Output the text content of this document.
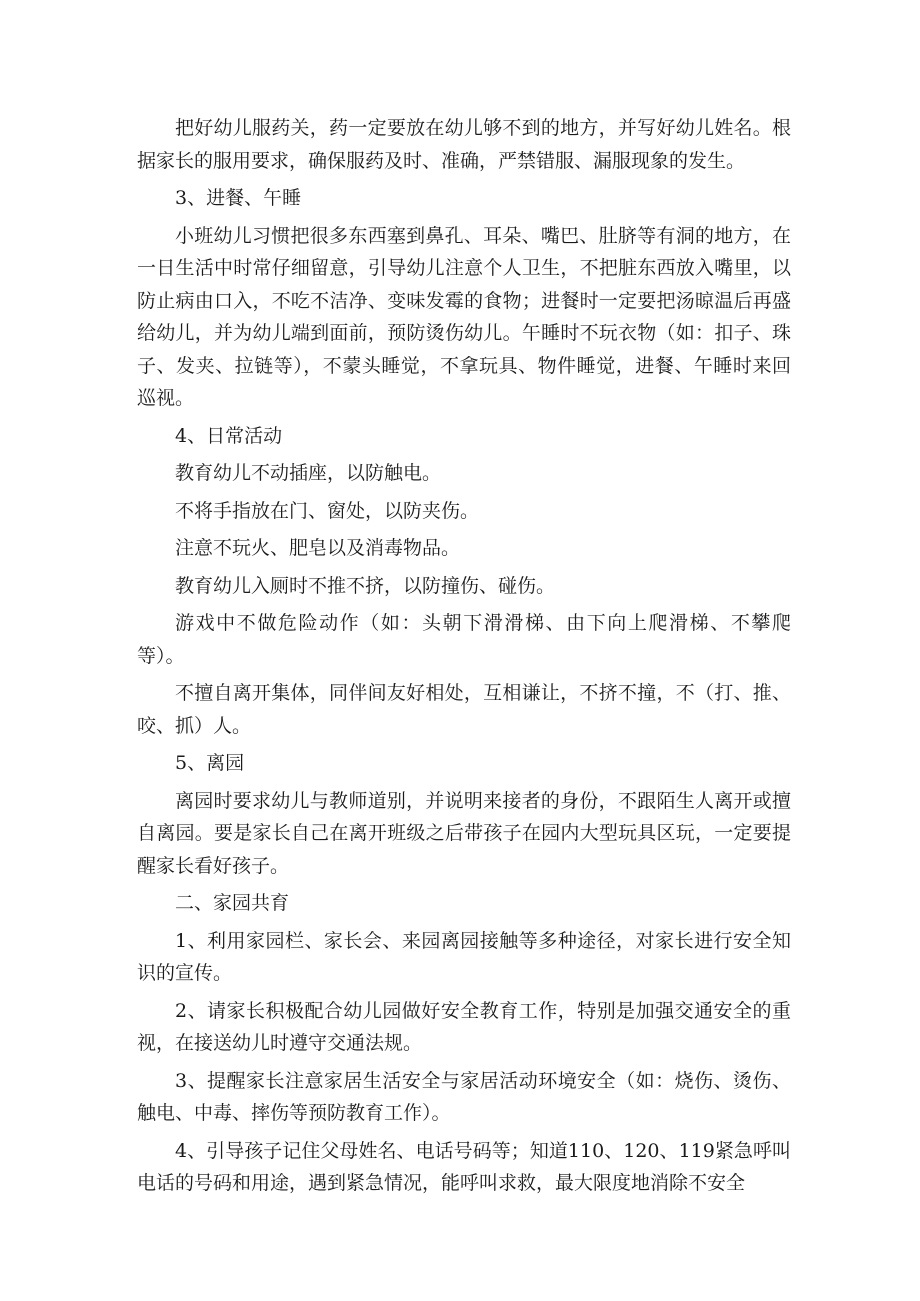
把好幼儿服药关，药一定要放在幼儿够不到的地方，并写好幼儿姓名。根据家长的服用要求，确保服药及时、准确，严禁错服、漏服现象的发生。

3、进餐、午睡

小班幼儿习惯把很多东西塞到鼻孔、耳朵、嘴巴、肚脐等有洞的地方，在一日生活中时常仔细留意，引导幼儿注意个人卫生，不把脏东西放入嘴里，以防止病由口入，不吃不洁净、变味发霉的食物；进餐时一定要把汤晾温后再盛给幼儿，并为幼儿端到面前，预防烫伤幼儿。午睡时不玩衣物（如：扣子、珠子、发夹、拉链等），不蒙头睡觉，不拿玩具、物件睡觉，进餐、午睡时来回巡视。

4、日常活动

教育幼儿不动插座，以防触电。

不将手指放在门、窗处，以防夹伤。

注意不玩火、肥皂以及消毒物品。

教育幼儿入厕时不推不挤，以防撞伤、碰伤。

游戏中不做危险动作（如：头朝下滑滑梯、由下向上爬滑梯、不攀爬等）。

不擅自离开集体，同伴间友好相处，互相谦让，不挤不撞，不（打、推、咬、抓）人。

5、离园

离园时要求幼儿与教师道别，并说明来接者的身份，不跟陌生人离开或擅自离园。要是家长自己在离开班级之后带孩子在园内大型玩具区玩，一定要提醒家长看好孩子。

二、家园共育

1、利用家园栏、家长会、来园离园接触等多种途径，对家长进行安全知识的宣传。

2、请家长积极配合幼儿园做好安全教育工作，特别是加强交通安全的重视，在接送幼儿时遵守交通法规。

3、提醒家长注意家居生活安全与家居活动环境安全（如：烧伤、烫伤、触电、中毒、摔伤等预防教育工作）。

4、引导孩子记住父母姓名、电话号码等；知道110、120、119紧急呼叫电话的号码和用途，遇到紧急情况，能呼叫求救，最大限度地消除不安全
